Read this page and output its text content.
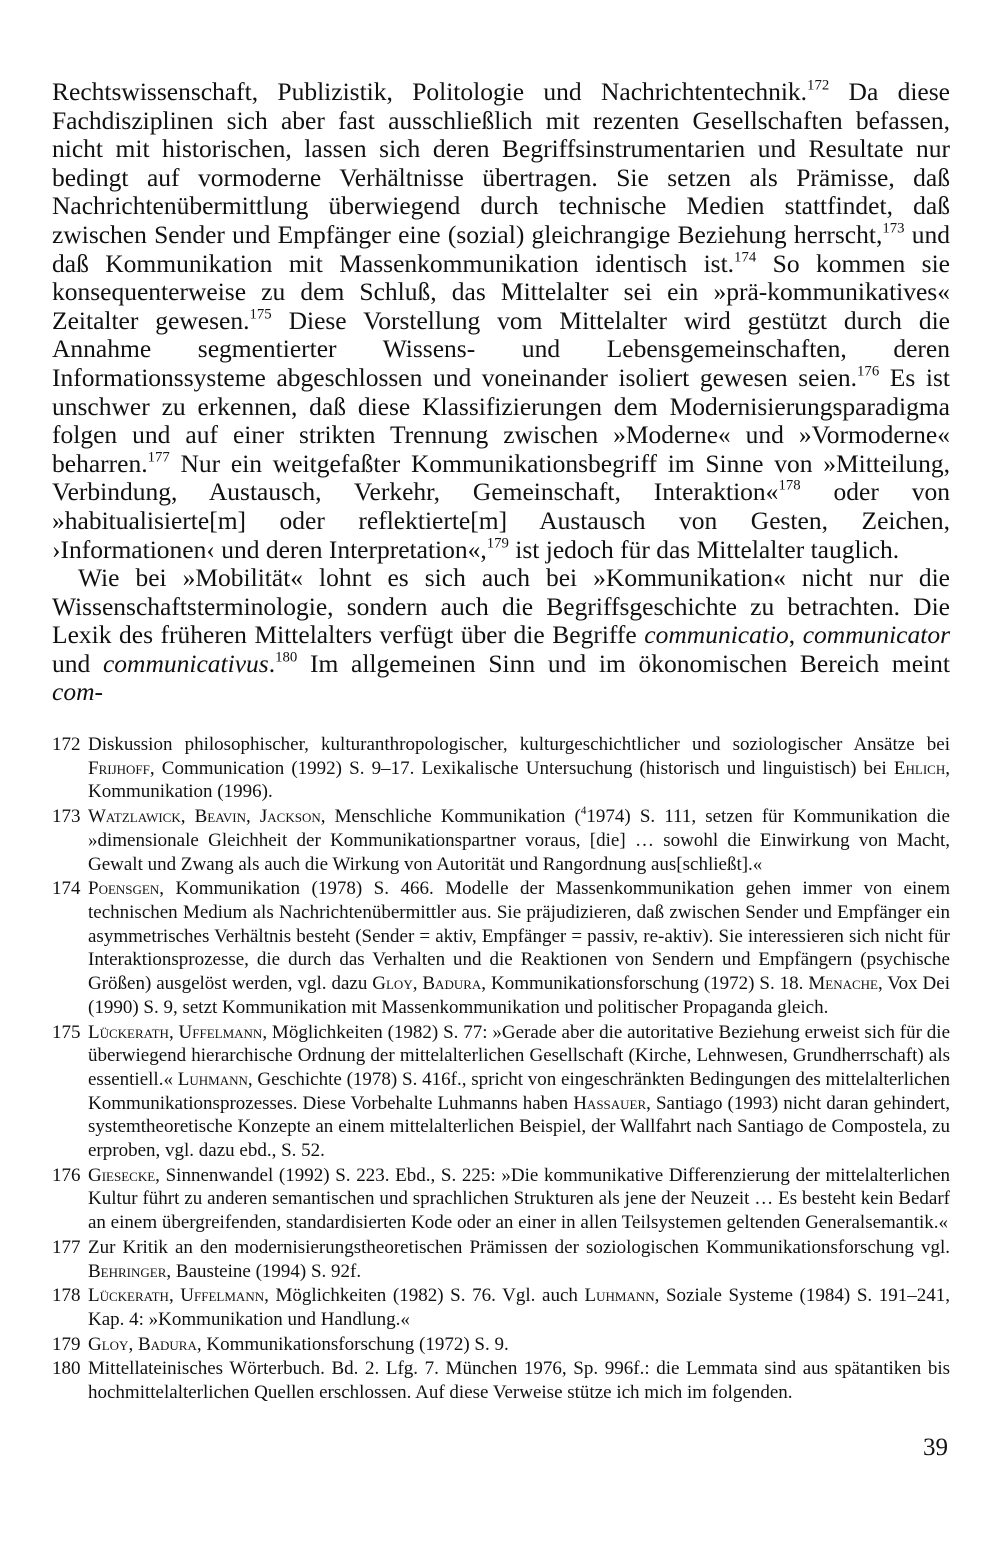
Rechtswissenschaft, Publizistik, Politologie und Nachrichtentechnik.$^{172}$ Da diese Fachdisziplinen sich aber fast ausschließlich mit rezenten Gesellschaften befassen, nicht mit historischen, lassen sich deren Begriffsinstrumentarien und Resultate nur bedingt auf vormoderne Verhältnisse übertragen. Sie setzen als Prämisse, daß Nachrichtenübermittlung überwiegend durch technische Medien stattfindet, daß zwischen Sender und Empfänger eine (sozial) gleichrangige Beziehung herrscht,$^{173}$ und daß Kommunikation mit Massenkommunikation identisch ist.$^{174}$ So kommen sie konsequenterweise zu dem Schluß, das Mittelalter sei ein »prä-kommunikatives« Zeitalter gewesen.$^{175}$ Diese Vorstellung vom Mittelalter wird gestützt durch die Annahme segmentierter Wissens- und Lebensgemeinschaften, deren Informationssysteme abgeschlossen und voneinander isoliert gewesen seien.$^{176}$ Es ist unschwer zu erkennen, daß diese Klassifizierungen dem Modernisierungsparadigma folgen und auf einer strikten Trennung zwischen »Moderne« und »Vormoderne« beharren.$^{177}$ Nur ein weitgefaßter Kommunikationsbegriff im Sinne von »Mitteilung, Verbindung, Austausch, Verkehr, Gemeinschaft, Interaktion«$^{178}$ oder von »habitualisierte[m] oder reflektierte[m] Austausch von Gesten, Zeichen, ›Informationen‹ und deren Interpretation«,$^{179}$ ist jedoch für das Mittelalter tauglich.

Wie bei »Mobilität« lohnt es sich auch bei »Kommunikation« nicht nur die Wissenschaftsterminologie, sondern auch die Begriffsgeschichte zu betrachten. Die Lexik des früheren Mittelalters verfügt über die Begriffe communicatio, communicator und communicativus.$^{180}$ Im allgemeinen Sinn und im ökonomischen Bereich meint com-

172 Diskussion philosophischer, kulturanthropologischer, kulturgeschichtlicher und soziologischer Ansätze bei Frijhoff, Communication (1992) S. 9–17. Lexikalische Untersuchung (historisch und linguistisch) bei Ehlich, Kommunikation (1996).
173 Watzlawick, Beavin, Jackson, Menschliche Kommunikation ($^4$1974) S. 111, setzen für Kommunikation die »dimensionale Gleichheit der Kommunikationspartner voraus, [die] … sowohl die Einwirkung von Macht, Gewalt und Zwang als auch die Wirkung von Autorität und Rangordnung aus[schließt].«
174 Poensgen, Kommunikation (1978) S. 466. Modelle der Massenkommunikation gehen immer von einem technischen Medium als Nachrichtenübermittler aus. Sie präjudizieren, daß zwischen Sender und Empfänger ein asymmetrisches Verhältnis besteht (Sender = aktiv, Empfänger = passiv, re-aktiv). Sie interessieren sich nicht für Interaktionsprozesse, die durch das Verhalten und die Reaktionen von Sendern und Empfängern (psychische Größen) ausgelöst werden, vgl. dazu Gloy, Badura, Kommunikationsforschung (1972) S. 18. Menache, Vox Dei (1990) S. 9, setzt Kommunikation mit Massenkommunikation und politischer Propaganda gleich.
175 Lückerath, Uffelmann, Möglichkeiten (1982) S. 77: »Gerade aber die autoritative Beziehung erweist sich für die überwiegend hierarchische Ordnung der mittelalterlichen Gesellschaft (Kirche, Lehnwesen, Grundherrschaft) als essentiell.« Luhmann, Geschichte (1978) S. 416f., spricht von eingeschränkten Bedingungen des mittelalterlichen Kommunikationsprozesses. Diese Vorbehalte Luhmanns haben Hassauer, Santiago (1993) nicht daran gehindert, systemtheoretische Konzepte an einem mittelalterlichen Beispiel, der Wallfahrt nach Santiago de Compostela, zu erproben, vgl. dazu ebd., S. 52.
176 Giesecke, Sinnenwandel (1992) S. 223. Ebd., S. 225: »Die kommunikative Differenzierung der mittelalterlichen Kultur führt zu anderen semantischen und sprachlichen Strukturen als jene der Neuzeit … Es besteht kein Bedarf an einem übergreifenden, standardisierten Kode oder an einer in allen Teilsystemen geltenden Generalsemantik.«
177 Zur Kritik an den modernisierungstheoretischen Prämissen der soziologischen Kommunikationsforschung vgl. Behringer, Bausteine (1994) S. 92f.
178 Lückerath, Uffelmann, Möglichkeiten (1982) S. 76. Vgl. auch Luhmann, Soziale Systeme (1984) S. 191–241, Kap. 4: »Kommunikation und Handlung.«
179 Gloy, Badura, Kommunikationsforschung (1972) S. 9.
180 Mittellateinisches Wörterbuch. Bd. 2. Lfg. 7. München 1976, Sp. 996f.: die Lemmata sind aus spätantiken bis hochmittelalterlichen Quellen erschlossen. Auf diese Verweise stütze ich mich im folgenden.
39
